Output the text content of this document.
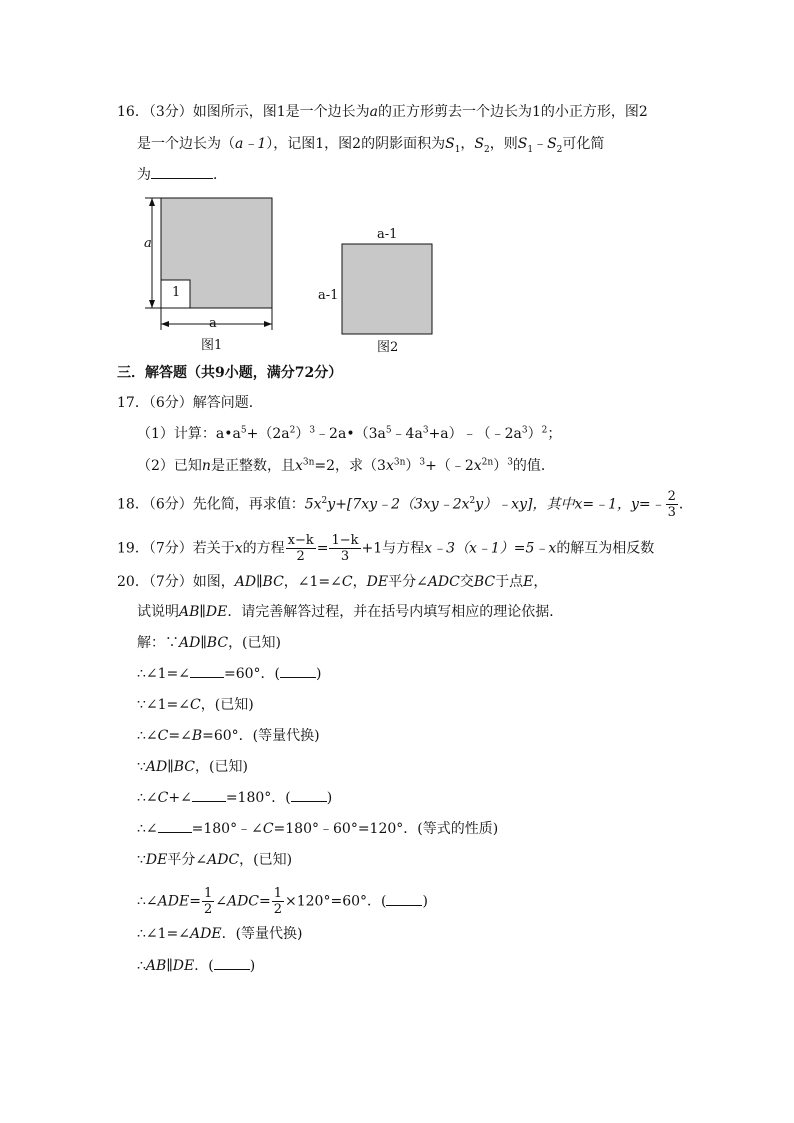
16．（3分）如图所示，图1是一个边长为a的正方形剪去一个边长为1的小正方形，图2
是一个边长为（a﹣1），记图1，图2的阴影面积为$S_1$，$S_2$，则$S_1﹣S_2$可化简
为	．
a
a
1
图1
a-1
a-1
图2
三．解答题（共9小题，满分72分）
17．（6分）解答问题．
（1）计算：$a•a^5+(2a^2)^3﹣2a•(3a^5﹣4a^3+a)﹣(﹣2a^3)^2$；
（2）已知n是正整数，且$x^{3n}=2$，求$(3x^{3n})^3+(﹣2x^{2n})^3$的值．
18．（6分）先化简，再求值：$5x^2y+[7xy﹣2(3xy﹣2x^2y)﹣xy]$，其中x=﹣1，y=﹣ $\frac{2}{3}$ ．
19．（7分）若关于x的方程 $\frac{x-k}{2} = \frac{1-k}{3} +1$与方程x﹣3（x﹣1）=5﹣x的解互为相反数
20．（7分）如图，AD∥BC，∠1=∠C，DE平分∠ADC交BC于点E，
试说明AB∥DE．请完善解答过程，并在括号内填写相应的理论依据．
解：∵AD∥BC，(已知)
∴∠1=∠ =60°．(	)
∵∠1=∠C，(已知)
∴∠C=∠B=60°．(等量代换)
∵AD∥BC，(已知)
∴∠C+∠ =180°．(	)
∴∠ =180°﹣∠C=180°﹣60°=120°．(等式的性质)
∵DE平分∠ADC，(已知)
∴∠ADE= $\frac{1}{2}$ ∠ADC= $\frac{1}{2} \times 120^\circ=60^\circ$．(	)
∴∠1=∠ADE．(等量代换)
∴AB∥DE．(	)
